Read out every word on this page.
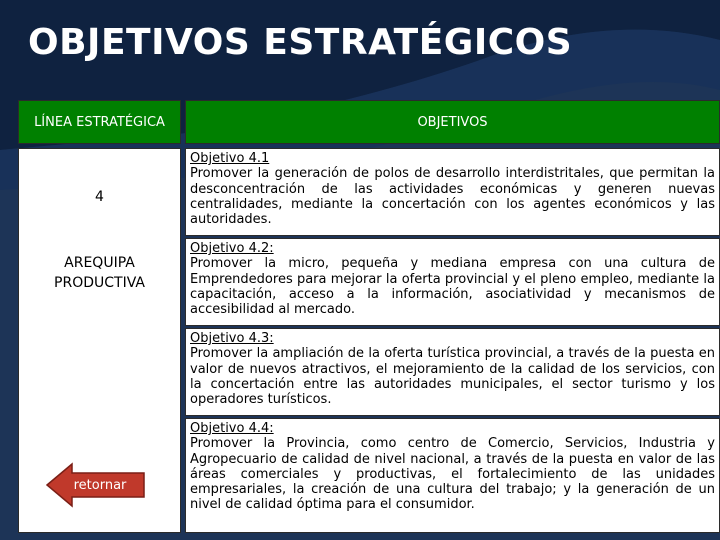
OBJETIVOS ESTRATÉGICOS
LÍNEA ESTRATÉGICA	OBJETIVOS
4
AREQUIPA
PRODUCTIVA
retornar
Objetivo 4.1
Promover la generación de polos de desarrollo interdistritales, que permitan la desconcentración de las actividades económicas y generen nuevas centralidades, mediante la concertación con los agentes económicos y las autoridades.
Objetivo 4.2:
Promover la micro, pequeña y mediana empresa con una cultura de Emprendedores para mejorar la oferta provincial y el pleno empleo, mediante la capacitación, acceso a la información, asociatividad y mecanismos de accesibilidad al mercado.
Objetivo 4.3:
Promover la ampliación de la oferta turística provincial, a través de la puesta en valor de nuevos atractivos, el mejoramiento de la calidad de los servicios, con la concertación entre las autoridades municipales, el sector turismo y los operadores turísticos.
Objetivo 4.4:
Promover la Provincia, como centro de Comercio, Servicios, Industria y Agropecuario de calidad de nivel nacional, a través de la puesta en valor de las áreas comerciales y productivas, el fortalecimiento de las unidades empresariales, la creación de una cultura del trabajo; y la generación de un nivel de calidad óptima para el consumidor.
